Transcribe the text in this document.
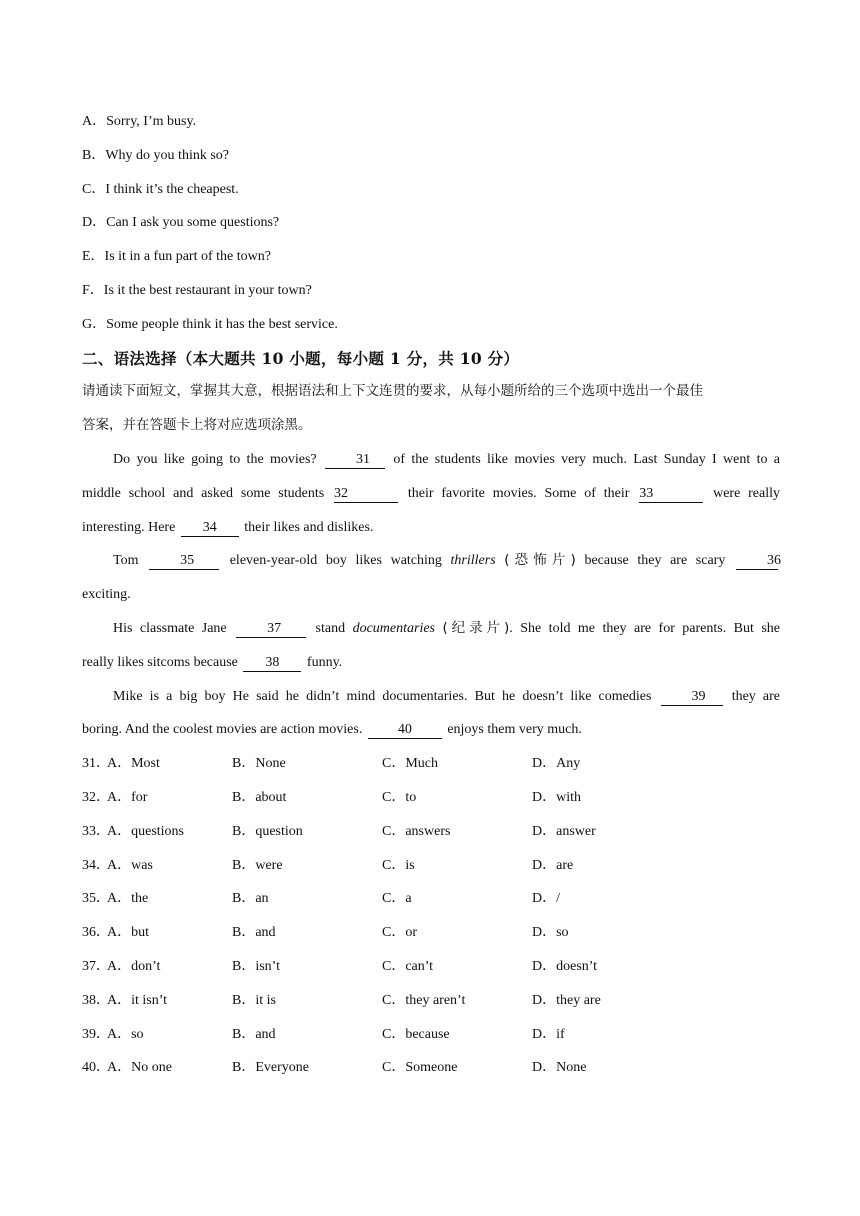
A．Sorry, I’m busy.
B．Why do you think so?
C．I think it’s the cheapest.
D．Can I ask you some questions?
E．Is it in a fun part of the town?
F．Is it the best restaurant in your town?
G．Some people think it has the best service.
二、语法选择（本大题共 10 小题，每小题 1 分，共 10 分）
请通读下面短文，掌握其大意，根据语法和上下文连贯的要求，从每小题所给的三个选项中选出一个最佳
答案，并在答题卡上将对应选项涂黑。
Do you like going to the movies?	31 of the students like movies very much. Last Sunday I went to a
middle school and asked some students 32	their favorite movies. Some of their 33	were really
interesting. Here 34 their likes and dislikes.
Tom	35	eleven-year-old boy likes watching thrillers (恐怖片) because they are scary	36
exciting.
His classmate Jane	37 stand documentaries (纪录片). She told me they are for parents. But she
really likes sitcoms because 38 funny.
Mike is a big boy He said he didn’t mind documentaries. But he doesn’t like comedies	39 they are
boring. And the coolest movies are action movies.	40	enjoys them very much.
31．
A．Most	B．None	C．Much	D．Any
32．
A．for	B．about	C．to	D．with
33．
A．questions	B．question	C．answers	D．answer
34．
A．was	B．were	C．is	D．are
35．
A．the	B．an	C．a	D．/
36．
A．but	B．and	C．or	D．so
37．
A．don’t	B．isn’t	C．can’t	D．doesn’t
38．
A．it isn’t	B．it is	C．they aren’t	D．they are
39．
A．so	B．and	C．because	D．if
40．
A．No one	B．Everyone	C．Someone	D．None
